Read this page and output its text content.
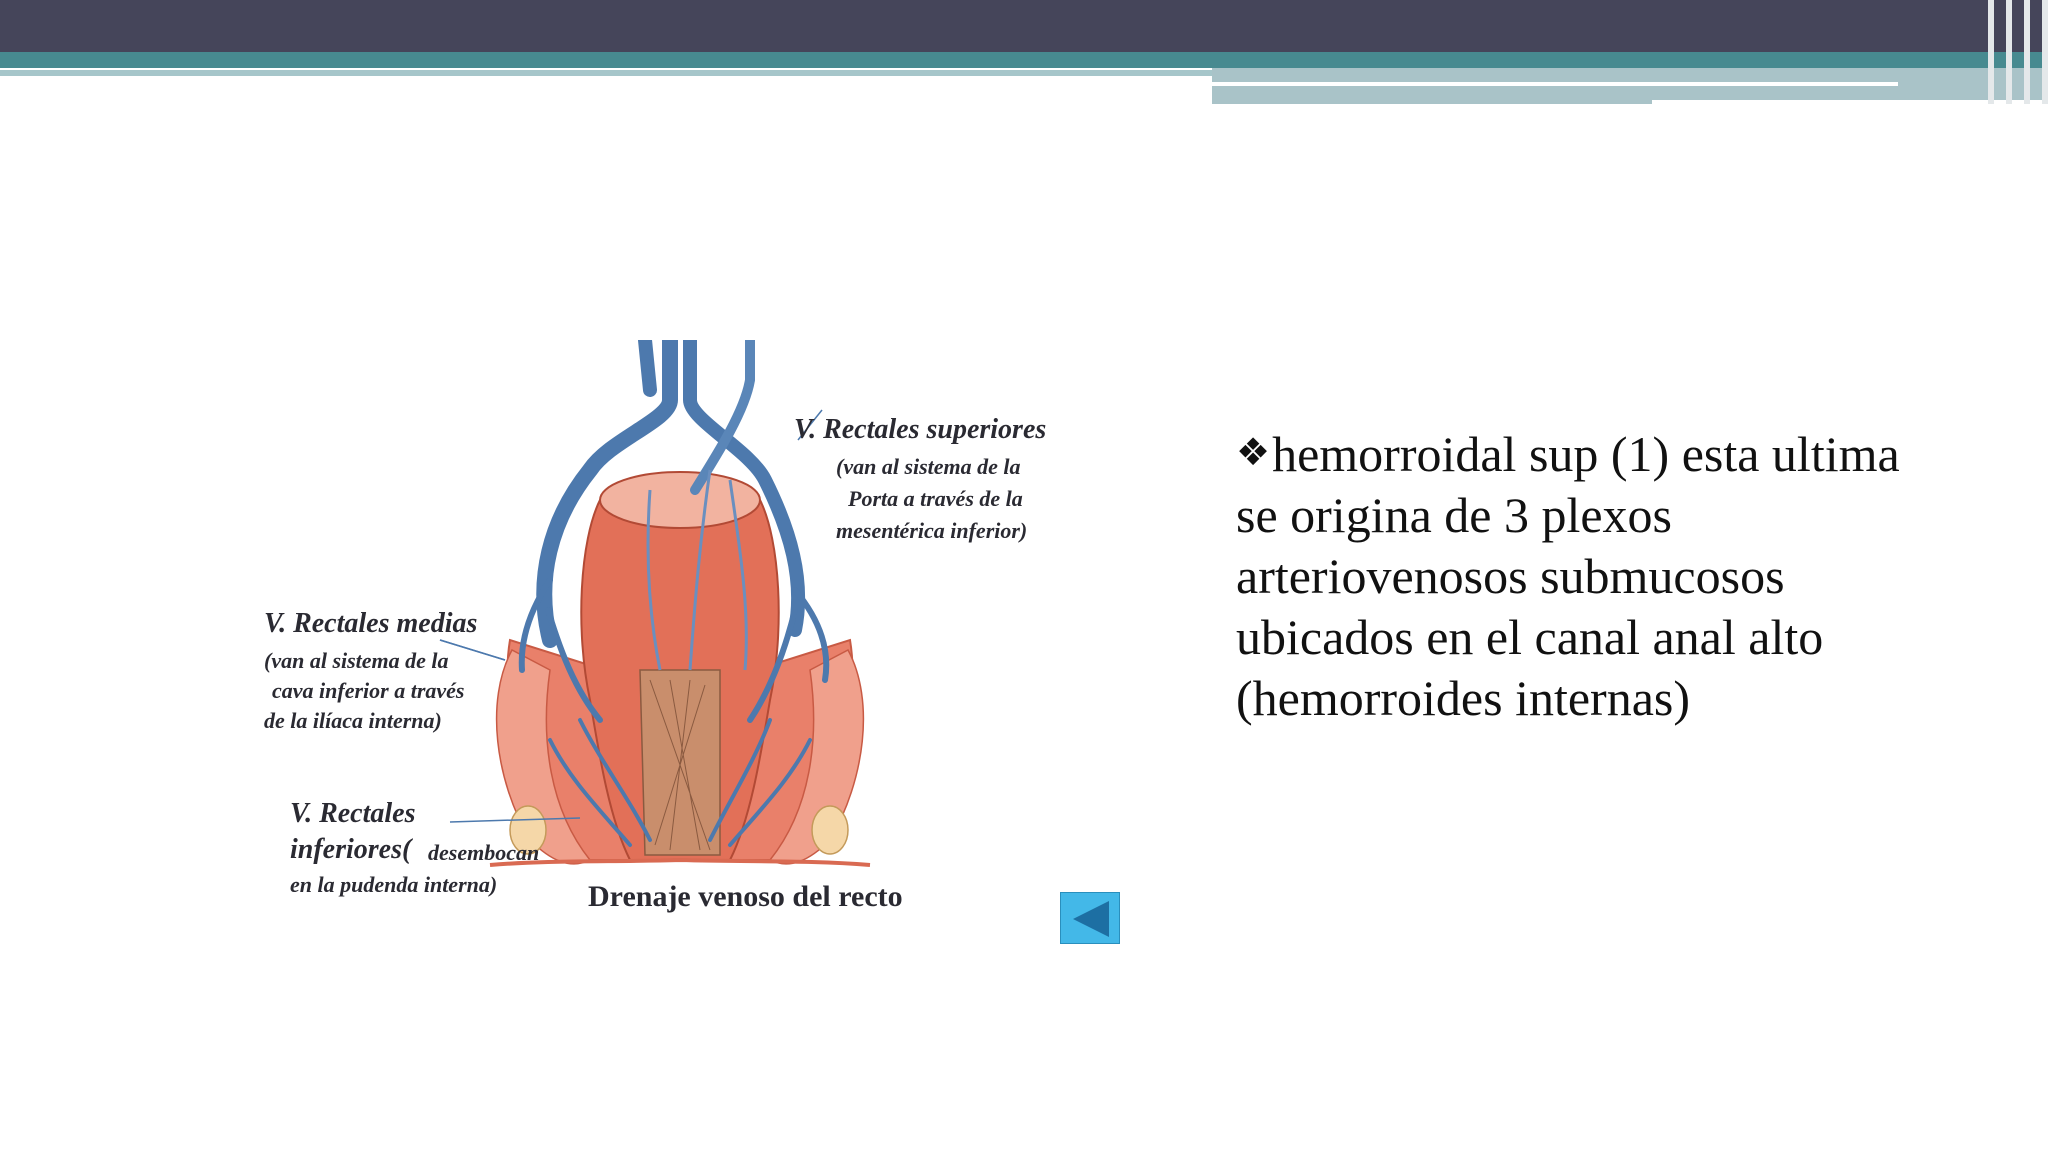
V. Rectales superiores
(van al sistema de la
Porta a través de la
mesentérica inferior)
V. Rectales medias
(van al sistema de la
cava inferior a través
de la ilíaca interna)
V. Rectales
inferiores( desembocan
en la pudenda interna)	Drenaje venoso del recto
❖hemorroidal sup (1) esta ultima se origina de 3 plexos arteriovenosos submucosos ubicados en el canal anal alto (hemorroides internas)
